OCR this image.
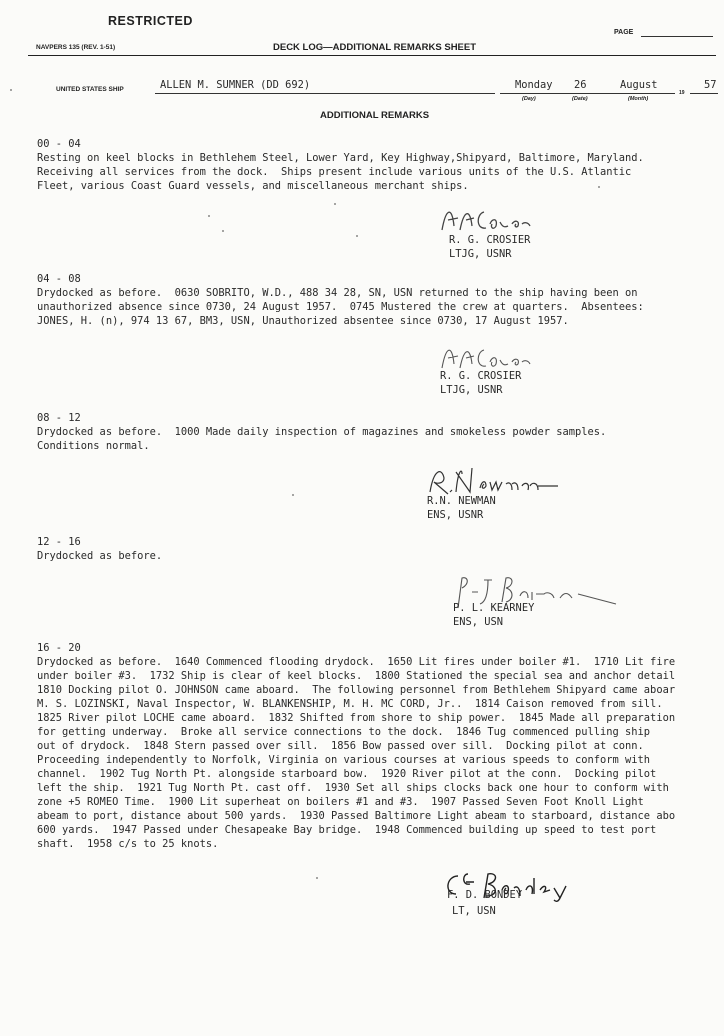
RESTRICTED
PAGE
NAVPERS 135 (REV. 1-51)	DECK LOG—ADDITIONAL REMARKS SHEET
UNITED STATES SHIP	ALLEN M. SUMNER (DD 692)	Monday 26	August
19
57
(Day)	(Date)	(Month)
ADDITIONAL REMARKS
00 - 04
Resting on keel blocks in Bethlehem Steel, Lower Yard, Key Highway,Shipyard, Baltimore, Maryland.
Receiving all services from the dock.  Ships present include various units of the U.S. Atlantic
Fleet, various Coast Guard vessels, and miscellaneous merchant ships.
R. G. CROSIER
LTJG, USNR
04 - 08
Drydocked as before.  0630 SOBRITO, W.D., 488 34 28, SN, USN returned to the ship having been on
unauthorized absence since 0730, 24 August 1957.  0745 Mustered the crew at quarters.  Absentees:
JONES, H. (n), 974 13 67, BM3, USN, Unauthorized absentee since 0730, 17 August 1957.
R. G. CROSIER
LTJG, USNR
08 - 12
Drydocked as before.  1000 Made daily inspection of magazines and smokeless powder samples.
Conditions normal.
R.N. NEWMAN
ENS, USNR
12 - 16
Drydocked as before.
P. L. KEARNEY
ENS, USN
16 - 20
Drydocked as before.  1640 Commenced flooding drydock.  1650 Lit fires under boiler #1.  1710 Lit fire
under boiler #3.  1732 Ship is clear of keel blocks.  1800 Stationed the special sea and anchor detail
1810 Docking pilot O. JOHNSON came aboard.  The following personnel from Bethlehem Shipyard came aboar
M. S. LOZINSKI, Naval Inspector, W. BLANKENSHIP, M. H. MC CORD, Jr..  1814 Caison removed from sill.
1825 River pilot LOCHE came aboard.  1832 Shifted from shore to ship power.  1845 Made all preparation
for getting underway.  Broke all service connections to the dock.  1846 Tug commenced pulling ship
out of drydock.  1848 Stern passed over sill.  1856 Bow passed over sill.  Docking pilot at conn.
Proceeding independently to Norfolk, Virginia on various courses at various speeds to conform with
channel.  1902 Tug North Pt. alongside starboard bow.  1920 River pilot at the conn.  Docking pilot
left the ship.  1921 Tug North Pt. cast off.  1930 Set all ships clocks back one hour to conform with
zone +5 ROMEO Time.  1900 Lit superheat on boilers #1 and #3.  1907 Passed Seven Foot Knoll Light
abeam to port, distance about 500 yards.  1930 Passed Baltimore Light abeam to starboard, distance abo
600 yards.  1947 Passed under Chesapeake Bay bridge.  1948 Commenced building up speed to test port
shaft.  1958 c/s to 25 knots.
F. D. BONDEY
LT, USN
